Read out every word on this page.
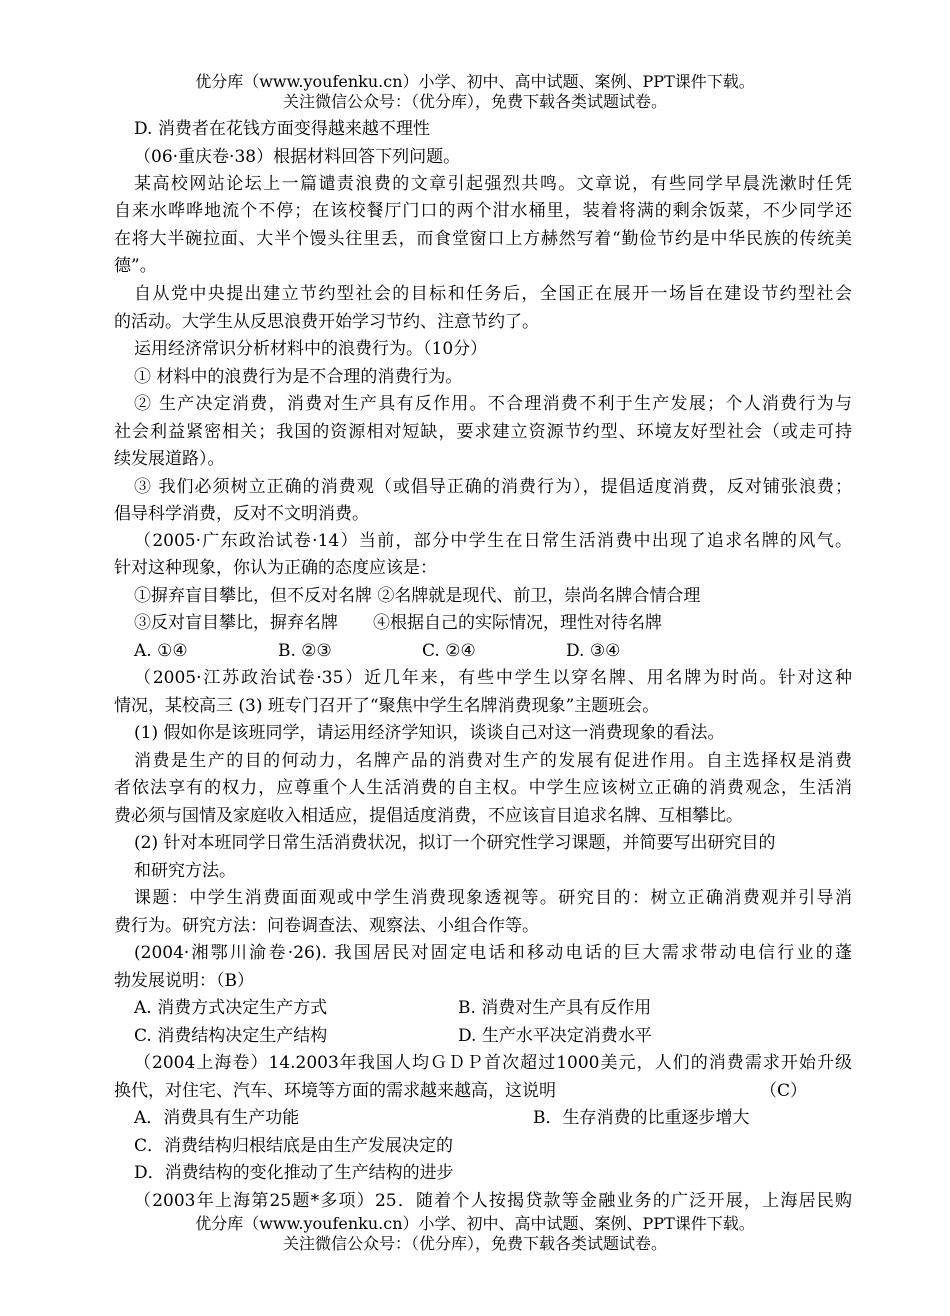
优分库（www.youfenku.cn）小学、初中、高中试题、案例、PPT课件下载。
关注微信公众号：（优分库），免费下载各类试题试卷。
D. 消费者在花钱方面变得越来越不理性
（06·重庆卷·38）根据材料回答下列问题。
某高校网站论坛上一篇谴责浪费的文章引起强烈共鸣。文章说，有些同学早晨洗漱时任凭
自来水哗哗地流个不停；在该校餐厅门口的两个泔水桶里，装着将满的剩余饭菜，不少同学还
在将大半碗拉面、大半个馒头往里丢，而食堂窗口上方赫然写着“勤俭节约是中华民族的传统美
德”。
自从党中央提出建立节约型社会的目标和任务后，全国正在展开一场旨在建设节约型社会
的活动。大学生从反思浪费开始学习节约、注意节约了。
运用经济常识分析材料中的浪费行为。（10分）
① 材料中的浪费行为是不合理的消费行为。
② 生产决定消费，消费对生产具有反作用。不合理消费不利于生产发展；个人消费行为与
社会利益紧密相关；我国的资源相对短缺，要求建立资源节约型、环境友好型社会（或走可持
续发展道路）。
③ 我们必须树立正确的消费观（或倡导正确的消费行为），提倡适度消费，反对铺张浪费；
倡导科学消费，反对不文明消费。
（2005·广东政治试卷·14）当前，部分中学生在日常生活消费中出现了追求名牌的风气。
针对这种现象，你认为正确的态度应该是：
①摒弃盲目攀比，但不反对名牌 ②名牌就是现代、前卫，崇尚名牌合情合理
③反对盲目攀比，摒弃名牌 ④根据自己的实际情况，理性对待名牌
A. ①④	B. ②③	C. ②④	D. ③④
（2005·江苏政治试卷·35）近几年来，有些中学生以穿名牌、用名牌为时尚。针对这种
情况，某校高三 (3) 班专门召开了“聚焦中学生名牌消费现象”主题班会。
(1) 假如你是该班同学，请运用经济学知识，谈谈自己对这一消费现象的看法。
消费是生产的目的何动力，名牌产品的消费对生产的发展有促进作用。自主选择权是消费
者依法享有的权力，应尊重个人生活消费的自主权。中学生应该树立正确的消费观念，生活消
费必须与国情及家庭收入相适应，提倡适度消费，不应该盲目追求名牌、互相攀比。
(2) 针对本班同学日常生活消费状况，拟订一个研究性学习课题，并简要写出研究目的
和研究方法。
课题：中学生消费面面观或中学生消费现象透视等。研究目的：树立正确消费观并引导消
费行为。研究方法：问卷调查法、观察法、小组合作等。
(2004·湘鄂川渝卷·26). 我国居民对固定电话和移动电话的巨大需求带动电信行业的蓬
勃发展说明：（B）
A. 消费方式决定生产方式	B. 消费对生产具有反作用
C. 消费结构决定生产结构	D. 生产水平决定消费水平
（2004上海卷）14.2003年我国人均ＧＤＰ首次超过1000美元，人们的消费需求开始升级
换代，对住宅、汽车、环境等方面的需求越来越高，这说明	（C）
A．消费具有生产功能	B．生存消费的比重逐步增大
C．消费结构归根结底是由生产发展决定的
D．消费结构的变化推动了生产结构的进步
（2003年上海第25题*多项）25．随着个人按揭贷款等金融业务的广泛开展，上海居民购
优分库（www.youfenku.cn）小学、初中、高中试题、案例、PPT课件下载。
关注微信公众号：（优分库），免费下载各类试题试卷。
